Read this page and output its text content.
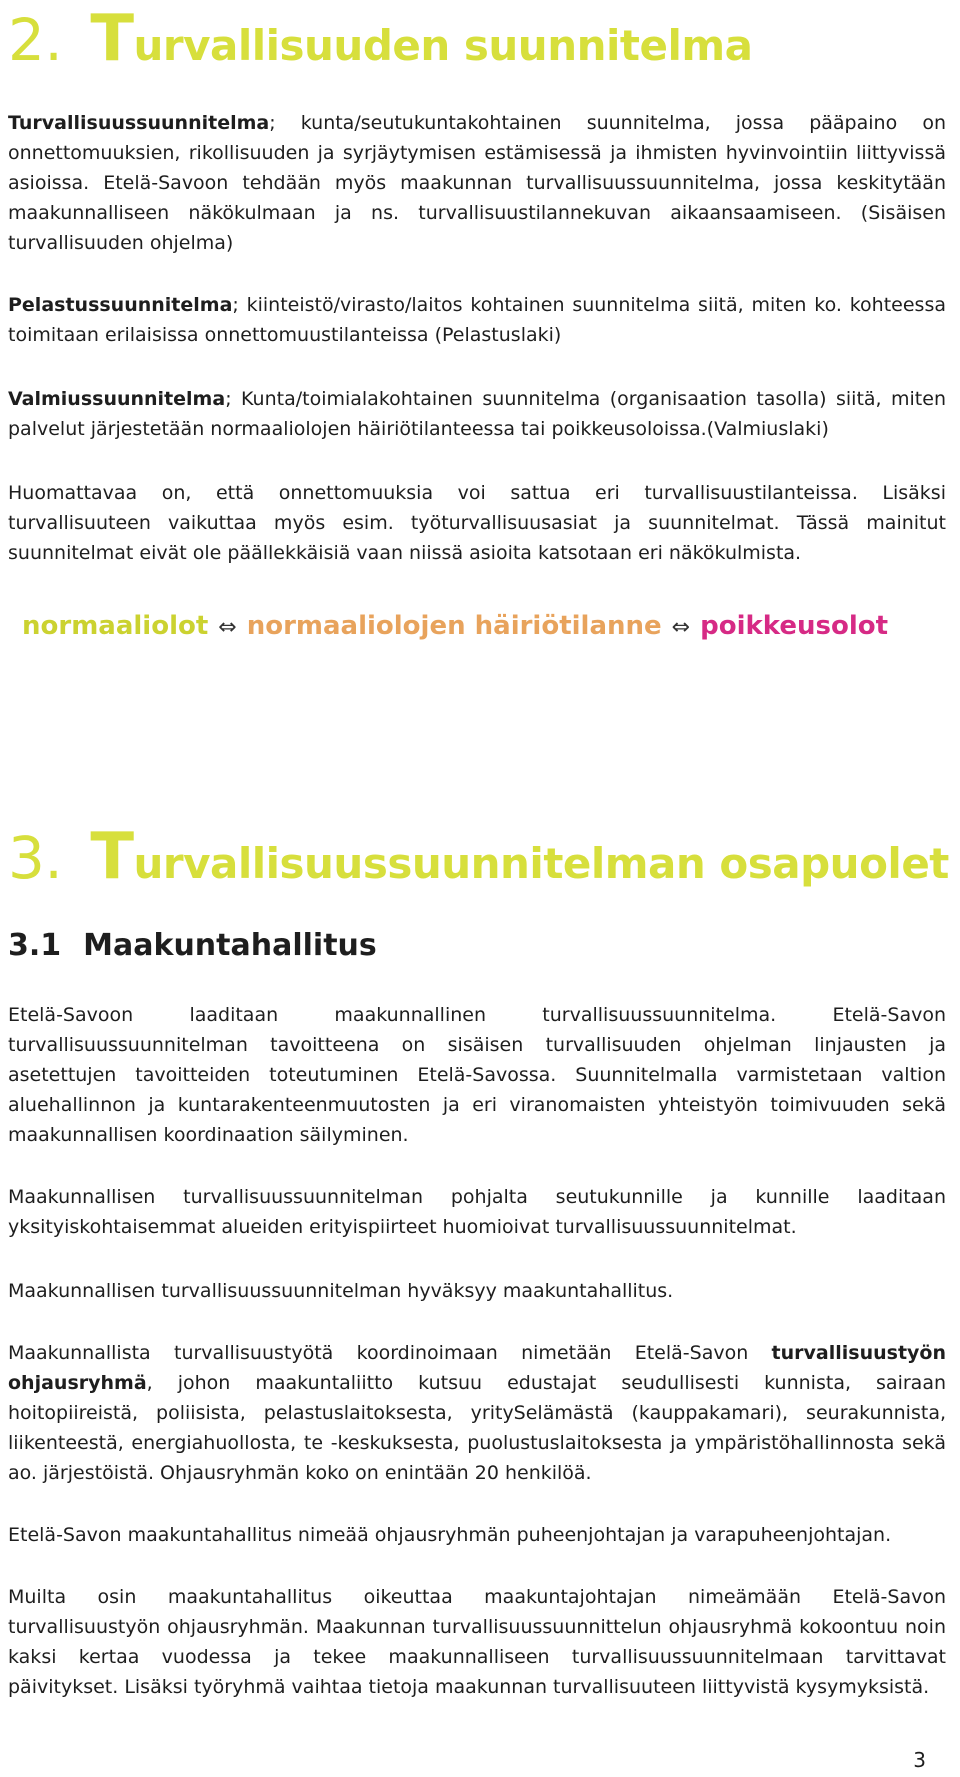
2. Turvallisuuden suunnitelma

Turvallisuussuunnitelma; kunta/seutukuntakohtainen suunnitelma, jossa pääpaino on onnettomuuksien, rikollisuuden ja syrjäytymisen estämisessä ja ihmisten hyvinvointiin liittyvissä asioissa. Etelä-Savoon tehdään myös maakunnan turvallisuussuunnitelma, jossa keskitytään maakunnalliseen näkökulmaan ja ns. turvallisuustilannekuvan aikaansaamiseen. (Sisäisen turvallisuuden ohjelma)

Pelastussuunnitelma; kiinteistö/virasto/laitos kohtainen suunnitelma siitä, miten ko. kohteessa toimitaan erilaisissa onnettomuustilanteissa (Pelastuslaki)

Valmiussuunnitelma; Kunta/toimialakohtainen suunnitelma (organisaation tasolla) siitä, miten palvelut järjestetään normaaliolojen häiriötilanteessa tai poikkeusoloissa.(Valmiuslaki)

Huomattavaa on, että onnettomuuksia voi sattua eri turvallisuustilanteissa. Lisäksi turvallisuuteen vaikuttaa myös esim. työturvallisuusasiat ja suunnitelmat. Tässä mainitut suunnitelmat eivät ole päällekkäisiä vaan niissä asioita katsotaan eri näkökulmista.

normaaliolot ⇔ normaaliolojen häiriötilanne ⇔ poikkeusolot
3. Turvallisuussuunnitelman osapuolet
3.1 Maakuntahallitus

Etelä-Savoon laaditaan maakunnallinen turvallisuussuunnitelma. Etelä-Savon turvallisuussuunnitelman tavoitteena on sisäisen turvallisuuden ohjelman linjausten ja asetettujen tavoitteiden toteutuminen Etelä-Savossa. Suunnitelmalla varmistetaan valtion aluehallinnon ja kuntarakenteenmuutosten ja eri viranomaisten yhteistyön toimivuuden sekä maakunnallisen koordinaation säilyminen.

Maakunnallisen turvallisuussuunnitelman pohjalta seutukunnille ja kunnille laaditaan yksityiskohtaisemmat alueiden erityispiirteet huomioivat turvallisuussuunnitelmat.

Maakunnallisen turvallisuussuunnitelman hyväksyy maakuntahallitus.

Maakunnallista turvallisuustyötä koordinoimaan nimetään Etelä-Savon turvallisuustyön ohjausryhmä, johon maakuntaliitto kutsuu edustajat seudullisesti kunnista, sairaan hoitopiireistä, poliisista, pelastuslaitoksesta, yritySelämästä (kauppakamari), seurakunnista, liikenteestä, energiahuollosta, te -keskuksesta, puolustuslaitoksesta ja ympäristöhallinnosta sekä ao. järjestöistä. Ohjausryhmän koko on enintään 20 henkilöä.

Etelä-Savon maakuntahallitus nimeää ohjausryhmän puheenjohtajan ja varapuheenjohtajan.

Muilta osin maakuntahallitus oikeuttaa maakuntajohtajan nimeämään Etelä-Savon turvallisuustyön ohjausryhmän. Maakunnan turvallisuussuunnittelun ohjausryhmä kokoontuu noin kaksi kertaa vuodessa ja tekee maakunnalliseen turvallisuussuunnitelmaan tarvittavat päivitykset. Lisäksi työryhmä vaihtaa tietoja maakunnan turvallisuuteen liittyvistä kysymyksistä.

3
